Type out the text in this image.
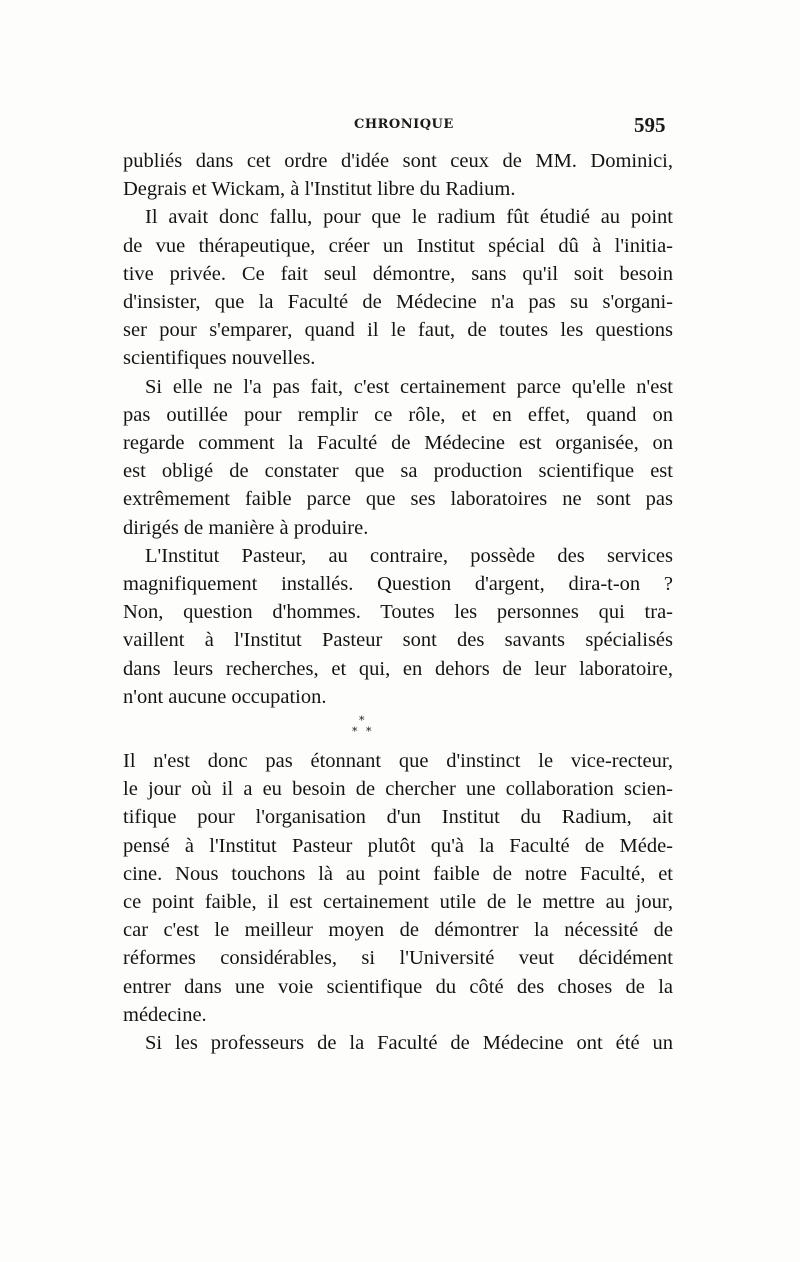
CHRONIQUE	595
publiés dans cet ordre d'idée sont ceux de MM. Dominici,
Degrais et Wickam, à l'Institut libre du Radium.
Il avait donc fallu, pour que le radium fût étudié au point
de vue thérapeutique, créer un Institut spécial dû à l'initia-
tive privée. Ce fait seul démontre, sans qu'il soit besoin
d'insister, que la Faculté de Médecine n'a pas su s'organi-
ser pour s'emparer, quand il le faut, de toutes les questions
scientifiques nouvelles.
Si elle ne l'a pas fait, c'est certainement parce qu'elle n'est
pas outillée pour remplir ce rôle, et en effet, quand on
regarde comment la Faculté de Médecine est organisée, on
est obligé de constater que sa production scientifique est
extrêmement faible parce que ses laboratoires ne sont pas
dirigés de manière à produire.
L'Institut Pasteur, au contraire, possède des services
magnifiquement installés. Question d'argent, dira-t-on ?
Non, question d'hommes. Toutes les personnes qui tra-
vaillent à l'Institut Pasteur sont des savants spécialisés
dans leurs recherches, et qui, en dehors de leur laboratoire,
n'ont aucune occupation.
*
* *
Il n'est donc pas étonnant que d'instinct le vice-recteur,
le jour où il a eu besoin de chercher une collaboration scien-
tifique pour l'organisation d'un Institut du Radium, ait
pensé à l'Institut Pasteur plutôt qu'à la Faculté de Méde-
cine. Nous touchons là au point faible de notre Faculté, et
ce point faible, il est certainement utile de le mettre au jour,
car c'est le meilleur moyen de démontrer la nécessité de
réformes considérables, si l'Université veut décidément
entrer dans une voie scientifique du côté des choses de la
médecine.
Si les professeurs de la Faculté de Médecine ont été un
